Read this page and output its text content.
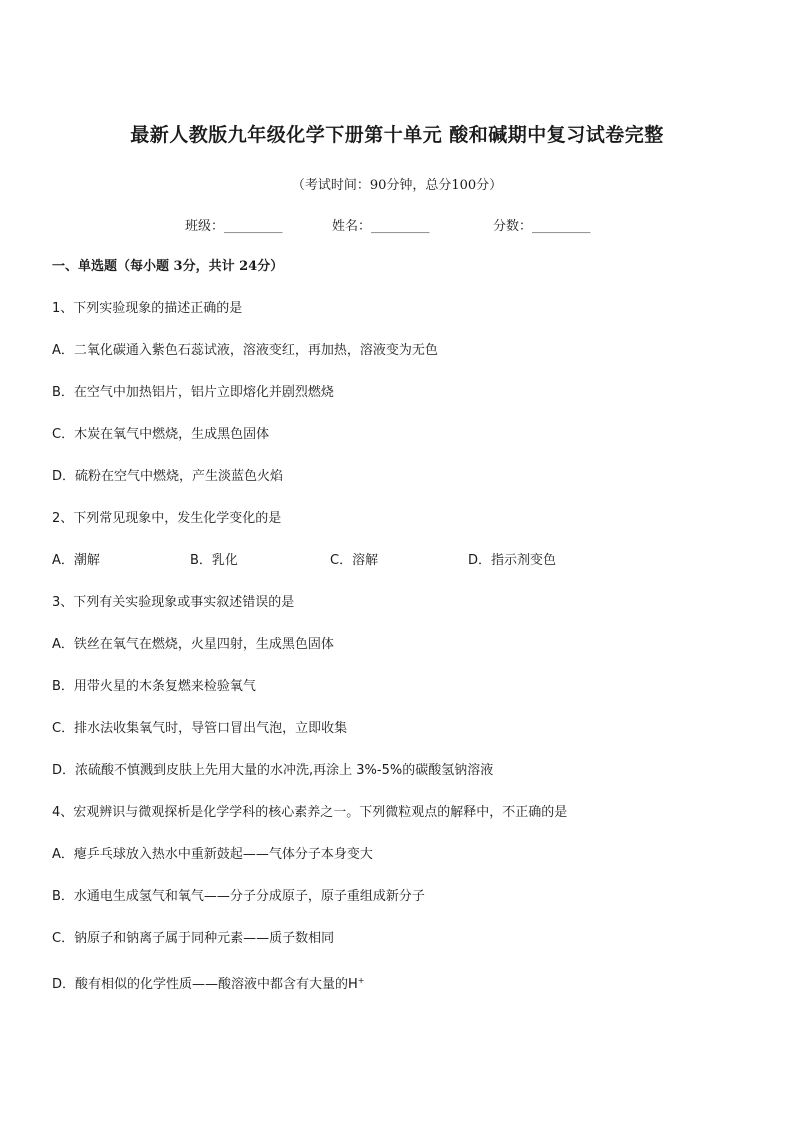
最新人教版九年级化学下册第十单元 酸和碱期中复习试卷完整
（考试时间：90分钟，总分100分）
班级：_________	姓名：_________	分数：_________
一、单选题（每小题 3分，共计 24分）
1、下列实验现象的描述正确的是
A．二氧化碳通入紫色石蕊试液，溶液变红，再加热，溶液变为无色
B．在空气中加热铝片，铝片立即熔化并剧烈燃烧
C．木炭在氧气中燃烧，生成黑色固体
D．硫粉在空气中燃烧，产生淡蓝色火焰
2、下列常见现象中，发生化学变化的是
A．潮解	B．乳化	C．溶解	D．指示剂变色
3、下列有关实验现象或事实叙述错误的是
A．铁丝在氧气在燃烧，火星四射，生成黑色固体
B．用带火星的木条复燃来检验氧气
C．排水法收集氧气时，导管口冒出气泡，立即收集
D．浓硫酸不慎溅到皮肤上先用大量的水冲洗,再涂上 3%-5%的碳酸氢钠溶液
4、宏观辨识与微观探析是化学学科的核心素养之一。下列微粒观点的解释中，不正确的是
A．瘪乒乓球放入热水中重新鼓起——气体分子本身变大
B．水通电生成氢气和氧气——分子分成原子，原子重组成新分子
C．钠原子和钠离子属于同种元素——质子数相同
D．酸有相似的化学性质——酸溶液中都含有大量的H+
